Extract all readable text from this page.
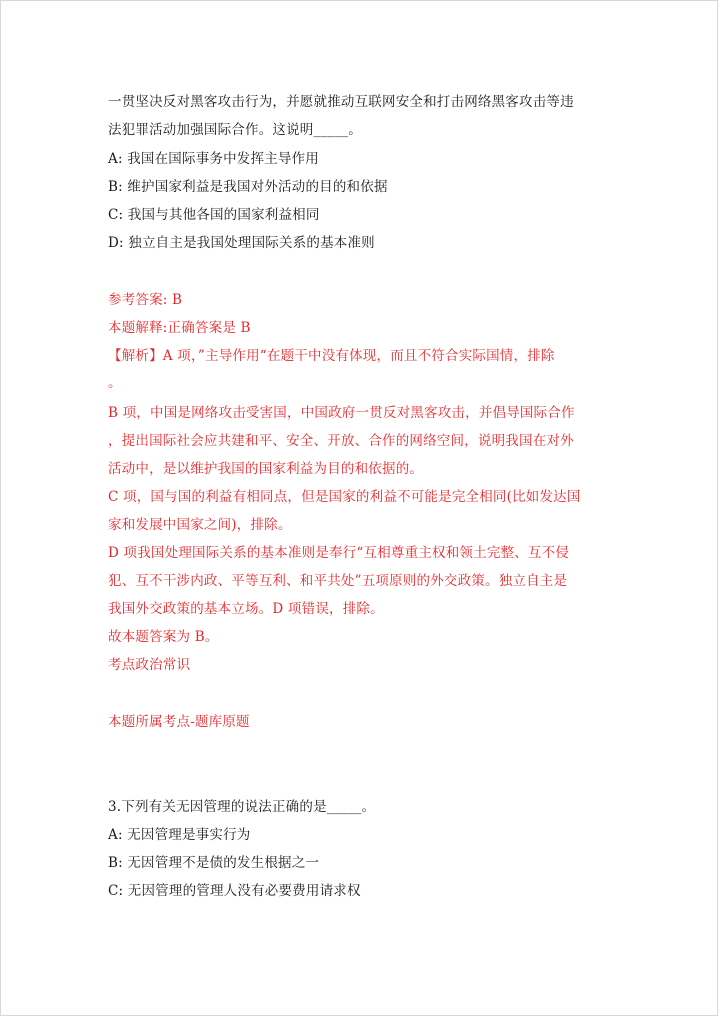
一贯坚决反对黑客攻击行为，并愿就推动互联网安全和打击网络黑客攻击等违
法犯罪活动加强国际合作。这说明_____。
A: 我国在国际事务中发挥主导作用
B: 维护国家利益是我国对外活动的目的和依据
C: 我国与其他各国的国家利益相同
D: 独立自主是我国处理国际关系的基本准则
参考答案: B
本题解释:正确答案是 B
【解析】A 项，”主导作用“在题干中没有体现，而且不符合实际国情，排除
。
B 项，中国是网络攻击受害国，中国政府一贯反对黑客攻击，并倡导国际合作
，提出国际社会应共建和平、安全、开放、合作的网络空间，说明我国在对外
活动中，是以维护我国的国家利益为目的和依据的。
C 项，国与国的利益有相同点，但是国家的利益不可能是完全相同(比如发达国
家和发展中国家之间)，排除。
D 项我国处理国际关系的基本准则是奉行“互相尊重主权和领土完整、互不侵
犯、互不干涉内政、平等互利、和平共处”五项原则的外交政策。独立自主是
我国外交政策的基本立场。D 项错误，排除。
故本题答案为 B。
考点政治常识
本题所属考点-题库原题
3.下列有关无因管理的说法正确的是_____。
A: 无因管理是事实行为
B: 无因管理不是债的发生根据之一
C: 无因管理的管理人没有必要费用请求权
